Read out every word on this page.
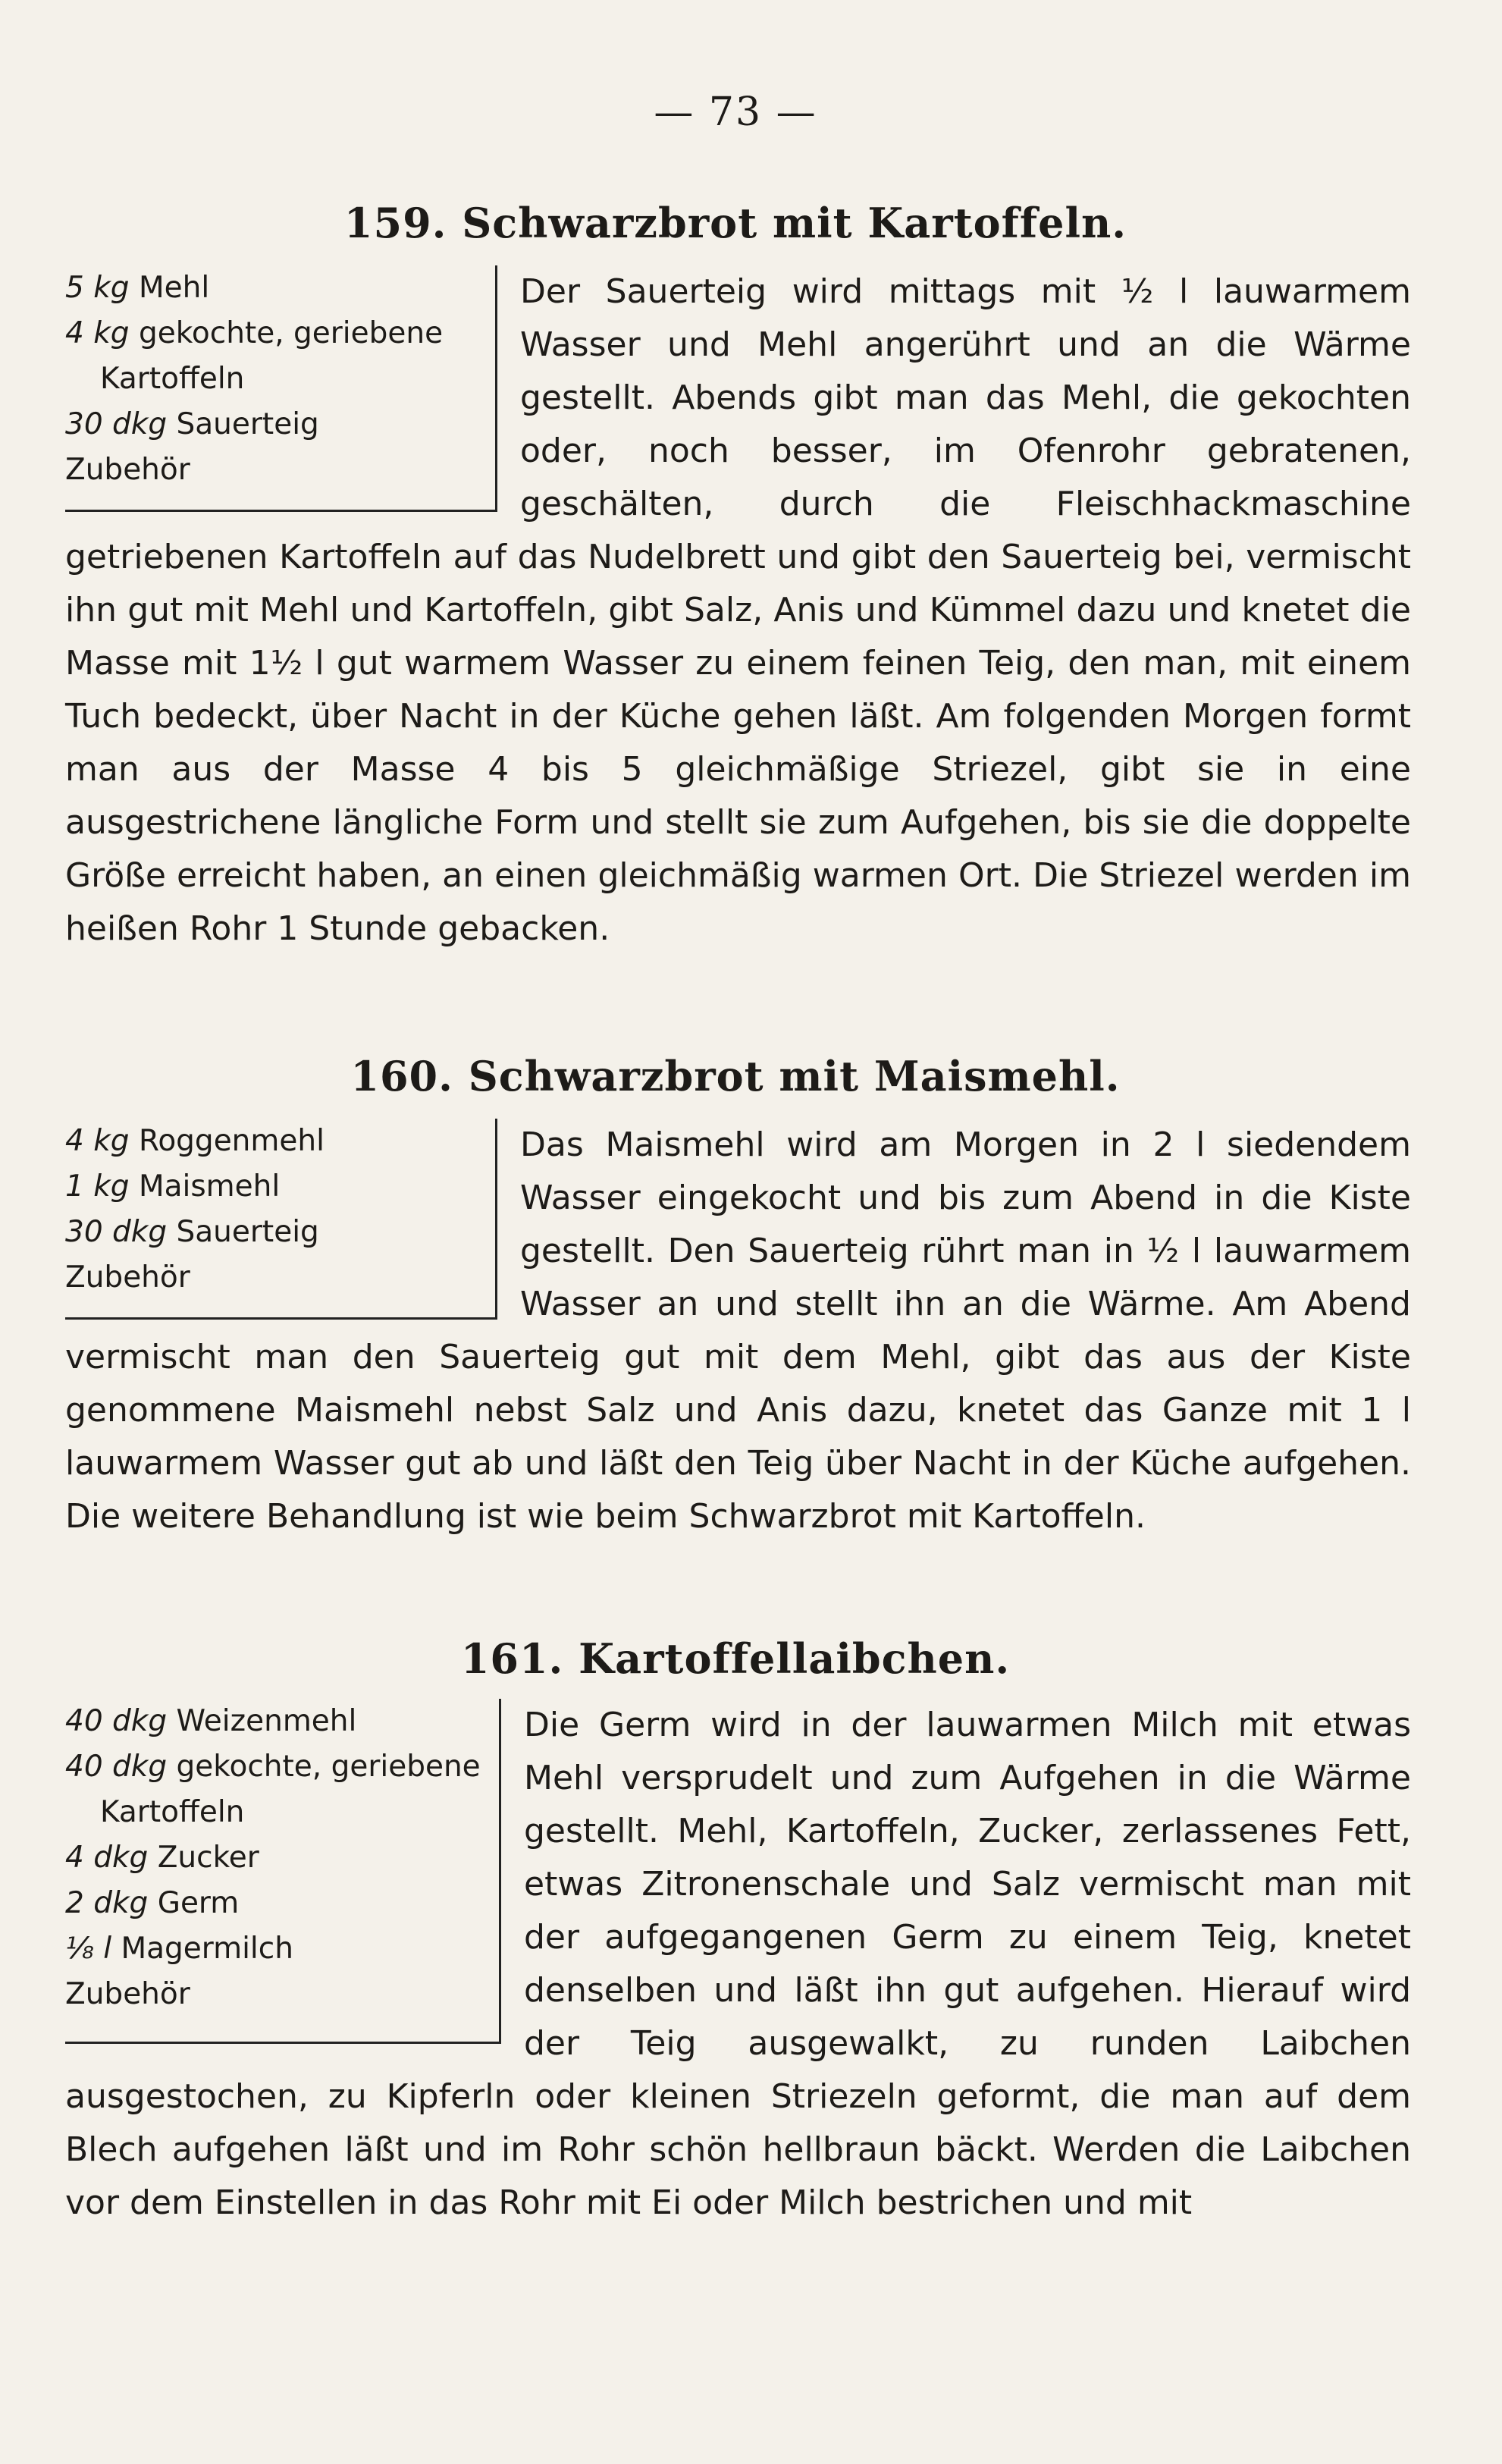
— 73 —
159. Schwarzbrot mit Kartoffeln.
5 kg Mehl
4 kg gekochte, geriebene
Kartoffeln
30 dkg Sauerteig
Zubehör

Der Sauerteig wird mittags mit ½ l lauwarmem Wasser und Mehl angerührt und an die Wärme gestellt. Abends gibt man das Mehl, die gekochten oder, noch besser, im Ofenrohr gebratenen, geschälten, durch die Fleischhackmaschine getriebenen Kartoffeln auf das Nudelbrett und gibt den Sauerteig bei, vermischt ihn gut mit Mehl und Kartoffeln, gibt Salz, Anis und Kümmel dazu und knetet die Masse mit 1½ l gut warmem Wasser zu einem feinen Teig, den man, mit einem Tuch bedeckt, über Nacht in der Küche gehen läßt. Am folgenden Morgen formt man aus der Masse 4 bis 5 gleichmäßige Striezel, gibt sie in eine ausgestrichene längliche Form und stellt sie zum Aufgehen, bis sie die doppelte Größe erreicht haben, an einen gleichmäßig warmen Ort. Die Striezel werden im heißen Rohr 1 Stunde gebacken.

160. Schwarzbrot mit Maismehl.
4 kg Roggenmehl
1 kg Maismehl
30 dkg Sauerteig
Zubehör

Das Maismehl wird am Morgen in 2 l siedendem Wasser eingekocht und bis zum Abend in die Kiste gestellt. Den Sauerteig rührt man in ½ l lauwarmem Wasser an und stellt ihn an die Wärme. Am Abend vermischt man den Sauerteig gut mit dem Mehl, gibt das aus der Kiste genommene Maismehl nebst Salz und Anis dazu, knetet das Ganze mit 1 l lauwarmem Wasser gut ab und läßt den Teig über Nacht in der Küche aufgehen. Die weitere Behandlung ist wie beim Schwarzbrot mit Kartoffeln.

161. Kartoffellaibchen.
40 dkg Weizenmehl
40 dkg gekochte, geriebene
Kartoffeln
4 dkg Zucker
2 dkg Germ
⅛ l Magermilch
Zubehör

Die Germ wird in der lauwarmen Milch mit etwas Mehl versprudelt und zum Aufgehen in die Wärme gestellt. Mehl, Kartoffeln, Zucker, zerlassenes Fett, etwas Zitronenschale und Salz vermischt man mit der aufgegangenen Germ zu einem Teig, knetet denselben und läßt ihn gut aufgehen. Hierauf wird der Teig ausgewalkt, zu runden Laibchen ausgestochen, zu Kipferln oder kleinen Striezeln geformt, die man auf dem Blech aufgehen läßt und im Rohr schön hellbraun bäckt. Werden die Laibchen vor dem Einstellen in das Rohr mit Ei oder Milch bestrichen und mit
